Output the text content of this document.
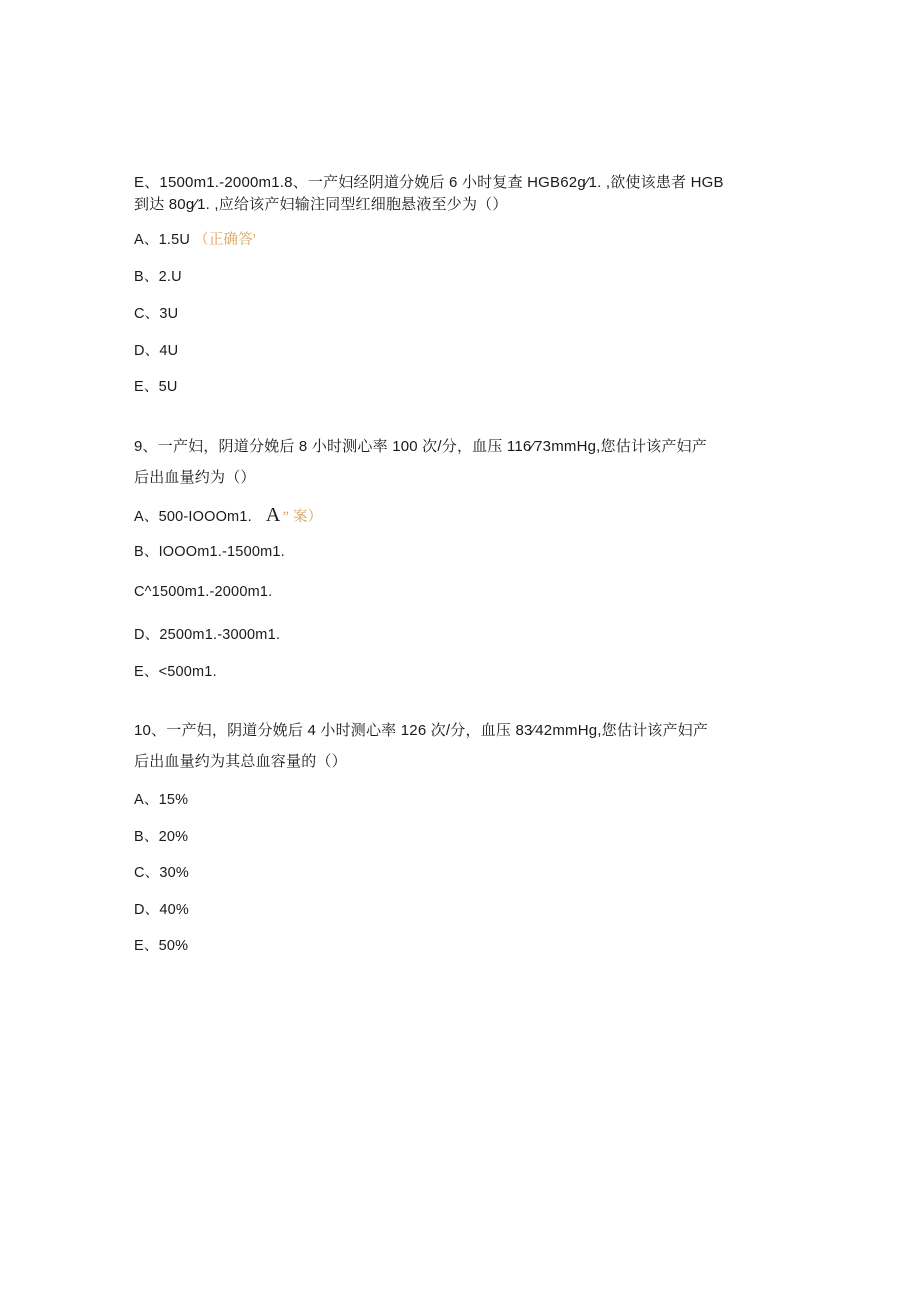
E、1500m1.-2000m1.8、一产妇经阴道分娩后 6 小时复查 HGB62g⁄1. ,欲使该患者 HGB
到达 80g⁄1. ,应给该产妇输注同型红细胞悬液至少为（）
A、1.5U （正确答’
B、2.U
C、3U
D、4U
E、5U
9、一产妇，阴道分娩后 8 小时测心率 100 次/分，血压 116⁄73mmHg,您估计该产妇产
后出血量约为（）
A、500-IOOOm1. A ” 案）
B、IOOOm1.-1500m1.
C^1500m1.-2000m1.
D、2500m1.-3000m1.
E、<500m1.
10、一产妇，阴道分娩后 4 小时测心率 126 次/分，血压 83⁄42mmHg,您估计该产妇产
后出血量约为其总血容量的（）
A、15%
B、20%
C、30%
D、40%
E、50%
